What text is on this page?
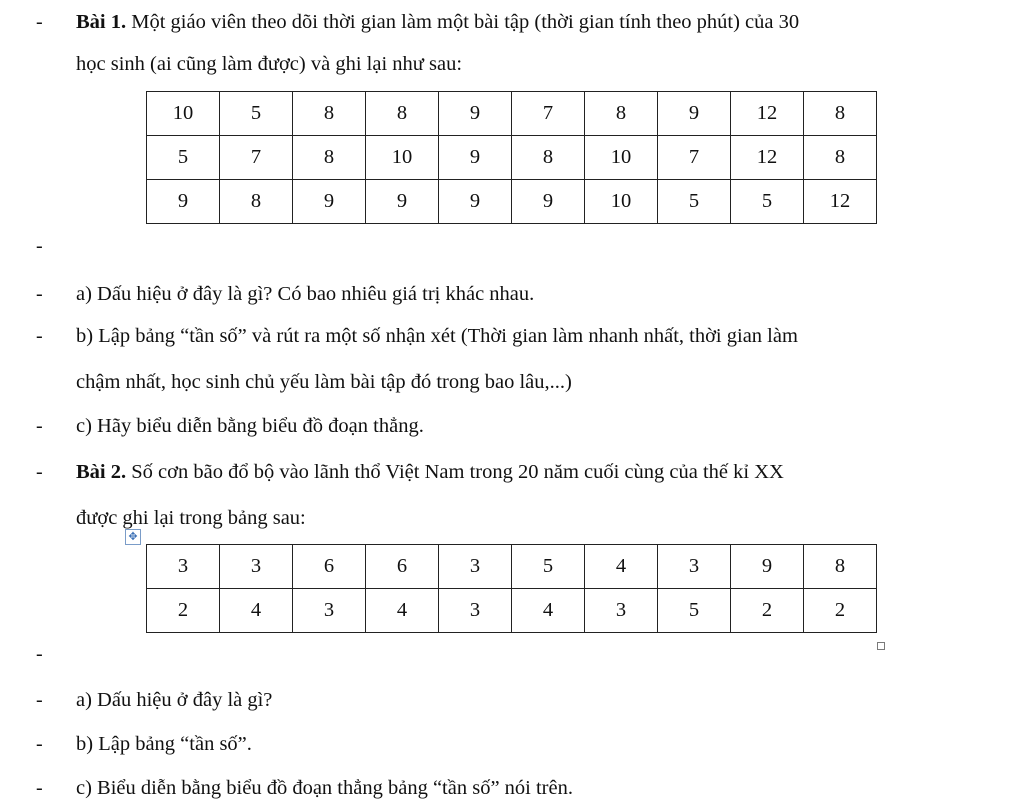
- Bài 1. Một giáo viên theo dõi thời gian làm một bài tập (thời gian tính theo phút) của 30
học sinh (ai cũng làm được) và ghi lại như sau:
10	5	8	8	9	7	8	9	12	8
5	7	8	10	9	8	10	7	12	8
9	8	9	9	9	9	10	5	5	12
-
- a) Dấu hiệu ở đây là gì? Có bao nhiêu giá trị khác nhau.
- b) Lập bảng “tần số” và rút ra một số nhận xét (Thời gian làm nhanh nhất, thời gian làm
chậm nhất, học sinh chủ yếu làm bài tập đó trong bao lâu,...)
- c) Hãy biểu diễn bằng biểu đồ đoạn thẳng.
- Bài 2. Số cơn bão đổ bộ vào lãnh thổ Việt Nam trong 20 năm cuối cùng của thế kỉ XX
được ghi lại trong bảng sau:
✥
3	3	6	6	3	5	4	3	9	8
2	4	3	4	3	4	3	5	2	2
-
- a) Dấu hiệu ở đây là gì?
- b) Lập bảng “tần số”.
- c) Biểu diễn bằng biểu đồ đoạn thẳng bảng “tần số” nói trên.
